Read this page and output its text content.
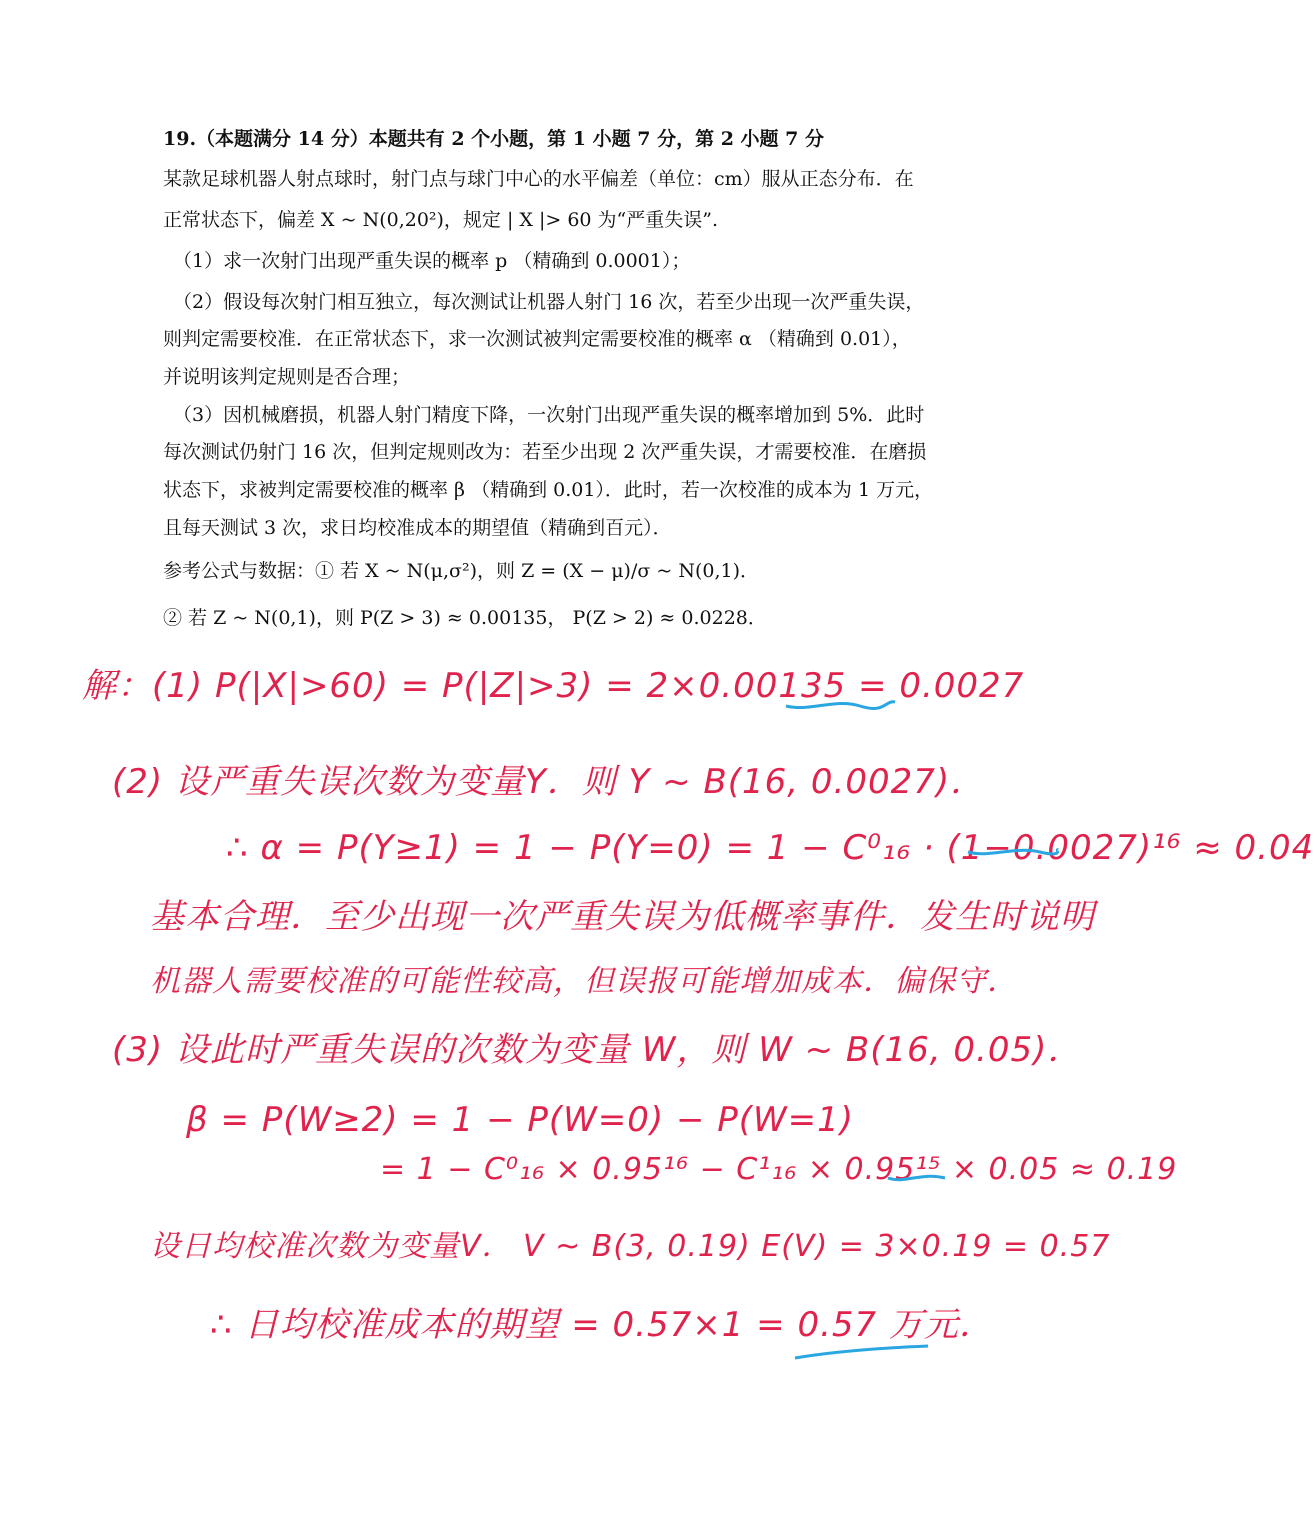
19.（本题满分 14 分）本题共有 2 个小题，第 1 小题 7 分，第 2 小题 7 分
某款足球机器人射点球时，射门点与球门中心的水平偏差（单位：cm）服从正态分布．在
正常状态下，偏差 X ~ N(0,20²)，规定 | X |> 60 为“严重失误”.
（1）求一次射门出现严重失误的概率 p （精确到 0.0001）；
（2）假设每次射门相互独立，每次测试让机器人射门 16 次，若至少出现一次严重失误，
则判定需要校准．在正常状态下，求一次测试被判定需要校准的概率 α （精确到 0.01），
并说明该判定规则是否合理；
（3）因机械磨损，机器人射门精度下降，一次射门出现严重失误的概率增加到 5%．此时
每次测试仍射门 16 次，但判定规则改为：若至少出现 2 次严重失误，才需要校准．在磨损
状态下，求被判定需要校准的概率 β （精确到 0.01）．此时，若一次校准的成本为 1 万元，
且每天测试 3 次，求日均校准成本的期望值（精确到百元）．
参考公式与数据：① 若 X ~ N(μ,σ²)，则 Z = (X − μ)/σ ~ N(0,1)．
② 若 Z ~ N(0,1)，则 P(Z > 3) ≈ 0.00135， P(Z > 2) ≈ 0.0228．
解：(1) P(|X|>60) = P(|Z|>3) = 2×0.00135 = 0.0027
(2) 设严重失误次数为变量Y．则 Y ~ B(16, 0.0027)．
∴ α = P(Y≥1) = 1 − P(Y=0) = 1 − C⁰₁₆ · (1−0.0027)¹⁶ ≈ 0.04
基本合理．至少出现一次严重失误为低概率事件．发生时说明
机器人需要校准的可能性较高，但误报可能增加成本．偏保守．
(3) 设此时严重失误的次数为变量 W，则 W ~ B(16, 0.05)．
β = P(W≥2) = 1 − P(W=0) − P(W=1)
= 1 − C⁰₁₆ × 0.95¹⁶ − C¹₁₆ × 0.95¹⁵ × 0.05 ≈ 0.19
设日均校准次数为变量V． V ~ B(3, 0.19) E(V) = 3×0.19 = 0.57
∴ 日均校准成本的期望 = 0.57×1 = 0.57 万元．
